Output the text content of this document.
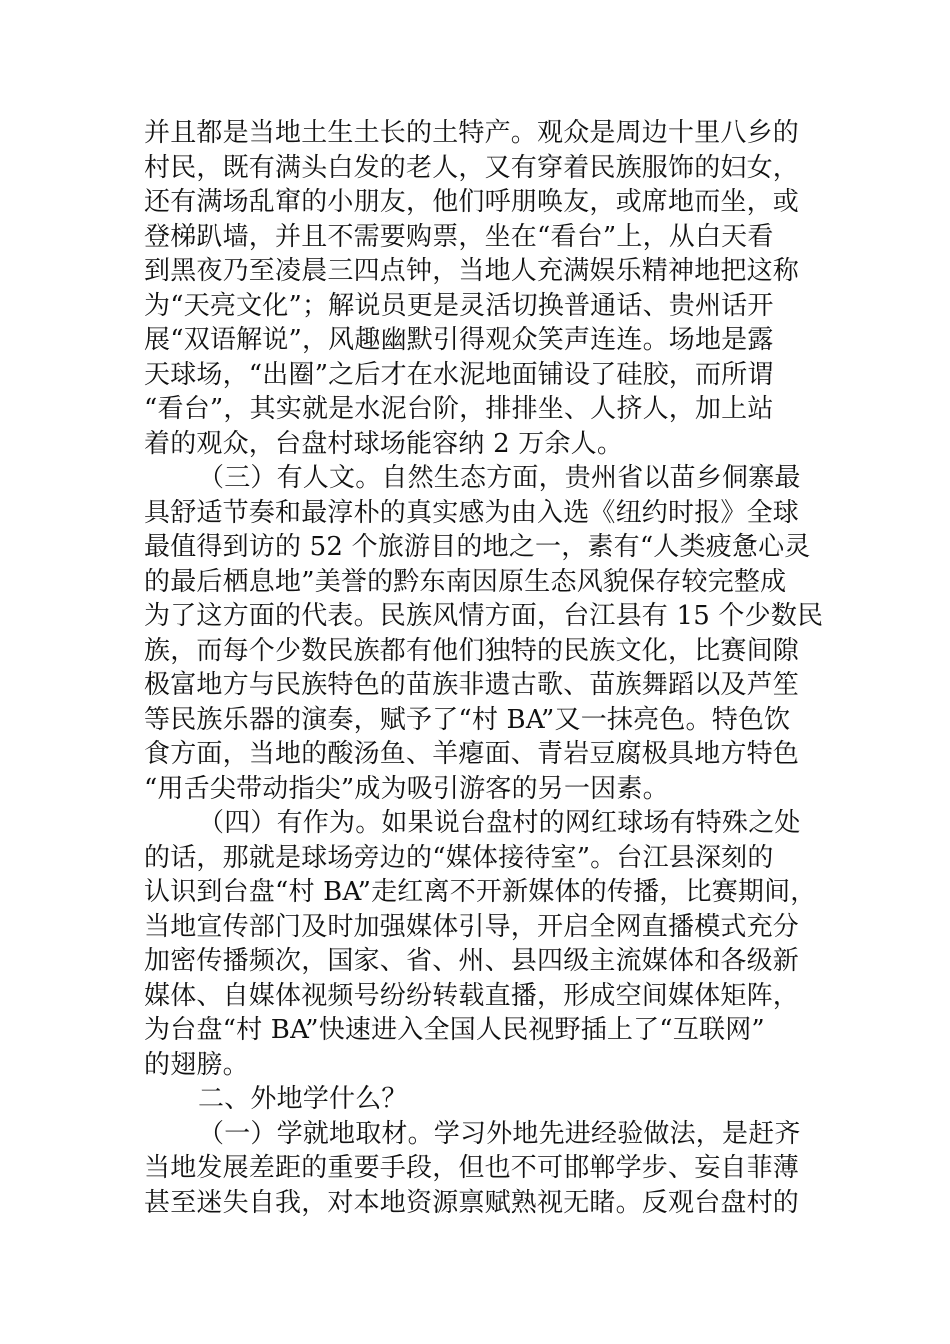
并且都是当地土生土长的土特产。观众是周边十里八乡的
村民，既有满头白发的老人，又有穿着民族服饰的妇女，
还有满场乱窜的小朋友，他们呼朋唤友，或席地而坐，或
登梯趴墙，并且不需要购票，坐在“看台”上，从白天看
到黑夜乃至凌晨三四点钟，当地人充满娱乐精神地把这称
为“天亮文化”；解说员更是灵活切换普通话、贵州话开
展“双语解说”，风趣幽默引得观众笑声连连。场地是露
天球场，“出圈”之后才在水泥地面铺设了硅胶，而所谓
“看台”，其实就是水泥台阶，排排坐、人挤人，加上站
着的观众，台盘村球场能容纳 2 万余人。
（三）有人文。自然生态方面，贵州省以苗乡侗寨最
具舒适节奏和最淳朴的真实感为由入选《纽约时报》全球
最值得到访的 52 个旅游目的地之一，素有“人类疲惫心灵
的最后栖息地”美誉的黔东南因原生态风貌保存较完整成
为了这方面的代表。民族风情方面，台江县有 15 个少数民
族，而每个少数民族都有他们独特的民族文化，比赛间隙
极富地方与民族特色的苗族非遗古歌、苗族舞蹈以及芦笙
等民族乐器的演奏，赋予了“村 BA”又一抹亮色。特色饮
食方面，当地的酸汤鱼、羊瘪面、青岩豆腐极具地方特色
“用舌尖带动指尖”成为吸引游客的另一因素。
（四）有作为。如果说台盘村的网红球场有特殊之处
的话，那就是球场旁边的“媒体接待室”。台江县深刻的
认识到台盘“村 BA”走红离不开新媒体的传播，比赛期间，
当地宣传部门及时加强媒体引导，开启全网直播模式充分
加密传播频次，国家、省、州、县四级主流媒体和各级新
媒体、自媒体视频号纷纷转载直播，形成空间媒体矩阵，
为台盘“村 BA”快速进入全国人民视野插上了“互联网”
的翅膀。
二、外地学什么？
（一）学就地取材。学习外地先进经验做法，是赶齐
当地发展差距的重要手段，但也不可邯郸学步、妄自菲薄
甚至迷失自我，对本地资源禀赋熟视无睹。反观台盘村的
